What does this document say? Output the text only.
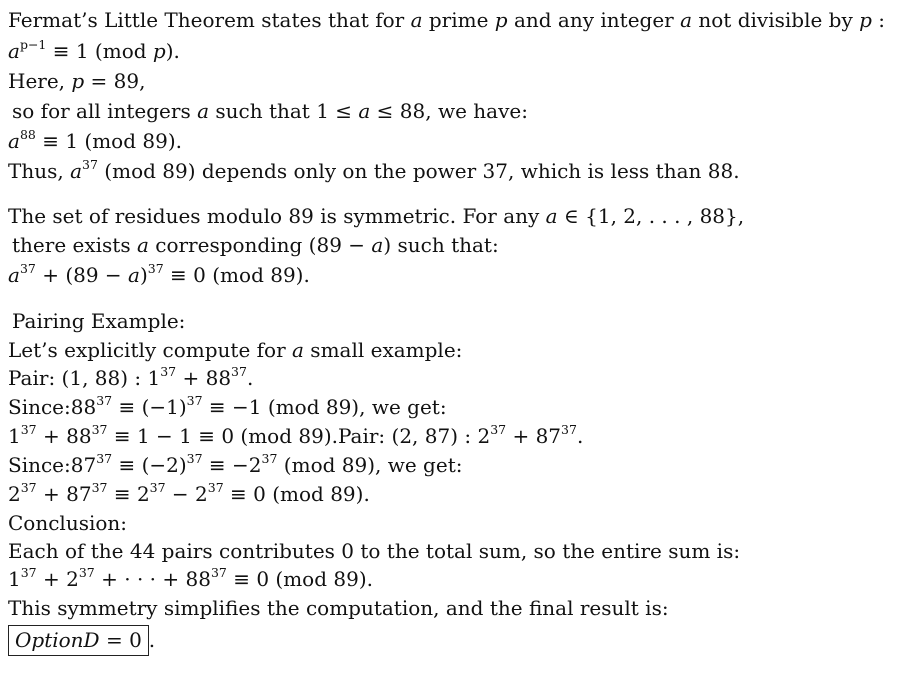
Fermat’s Little Theorem states that for a prime p and any integer a not divisible by p :
$a^{p-1} \equiv 1$ (mod p).
Here, p = 89,
so for all integers a such that 1 ≤ a ≤ 88, we have:
$a^{88} \equiv 1$ (mod 89).
Thus, $a^{37}$ (mod 89) depends only on the power 37, which is less than 88.
The set of residues modulo 89 is symmetric. For any a ∈ {1, 2, . . . , 88},
there exists a corresponding (89 − a) such that:
$a^{37} + (89 - a)^{37} \equiv 0$ (mod 89).
Pairing Example:
Let’s explicitly compute for a small example:
Pair: (1, 88) : $1^{37} + 88^{37}$.
$Since:88^{37} \equiv (-1)^{37} \equiv -1$ (mod 89), we get:
$1^{37} + 88^{37} \equiv 1 - 1 \equiv 0$ (mod 89).Pair: (2, 87) : $2^{37} + 87^{37}$.
$Since:87^{37} \equiv (-2)^{37} \equiv -2^{37}$ (mod 89), we get:
$2^{37} + 87^{37} \equiv 2^{37} - 2^{37} \equiv 0$ (mod 89).
Conclusion:
Each of the 44 pairs contributes 0 to the total sum, so the entire sum is:
$1^{37} + 2^{37}$ + · · · + $88^{37} \equiv 0$ (mod 89).
This symmetry simplifies the computation, and the final result is:
OptionD = 0 .
